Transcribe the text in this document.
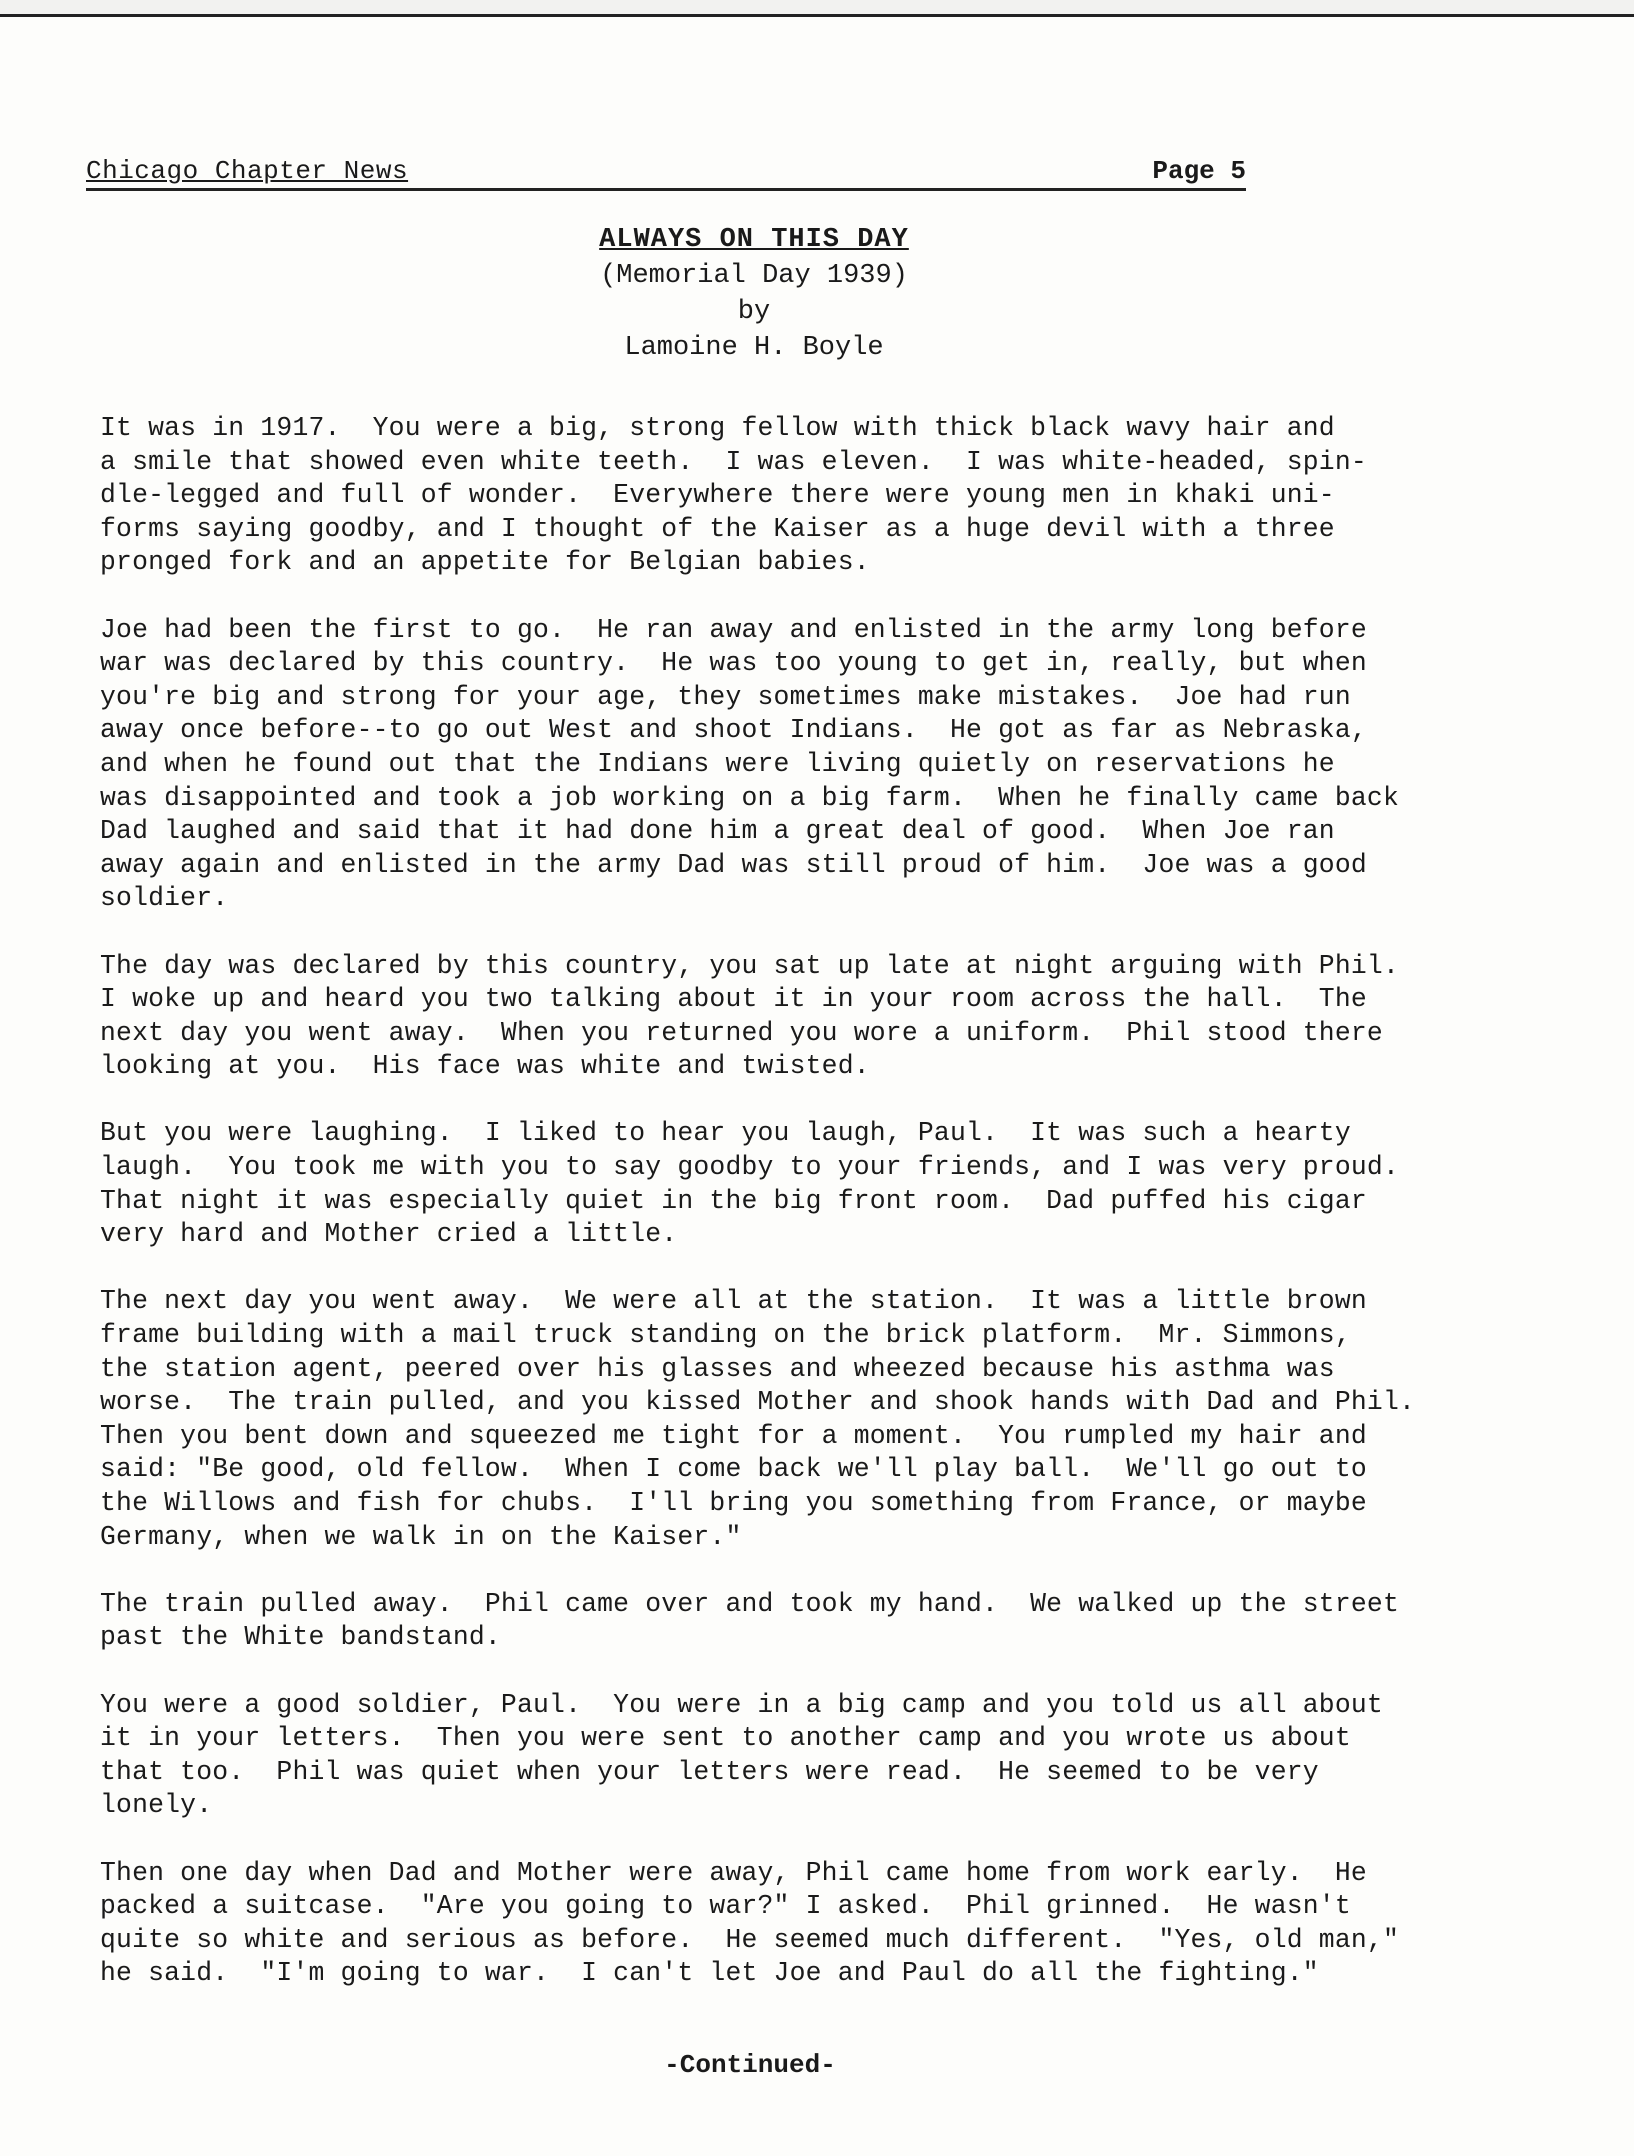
Chicago Chapter News	Page 5
ALWAYS ON THIS DAY
(Memorial Day 1939)
by
Lamoine H. Boyle
It was in 1917.  You were a big, strong fellow with thick black wavy hair and
a smile that showed even white teeth.  I was eleven.  I was white-headed, spin-
dle-legged and full of wonder.  Everywhere there were young men in khaki uni-
forms saying goodby, and I thought of the Kaiser as a huge devil with a three
pronged fork and an appetite for Belgian babies.
Joe had been the first to go.  He ran away and enlisted in the army long before
war was declared by this country.  He was too young to get in, really, but when
you're big and strong for your age, they sometimes make mistakes.  Joe had run
away once before--to go out West and shoot Indians.  He got as far as Nebraska,
and when he found out that the Indians were living quietly on reservations he
was disappointed and took a job working on a big farm.  When he finally came back
Dad laughed and said that it had done him a great deal of good.  When Joe ran
away again and enlisted in the army Dad was still proud of him.  Joe was a good
soldier.
The day was declared by this country, you sat up late at night arguing with Phil.
I woke up and heard you two talking about it in your room across the hall.  The
next day you went away.  When you returned you wore a uniform.  Phil stood there
looking at you.  His face was white and twisted.
But you were laughing.  I liked to hear you laugh, Paul.  It was such a hearty
laugh.  You took me with you to say goodby to your friends, and I was very proud.
That night it was especially quiet in the big front room.  Dad puffed his cigar
very hard and Mother cried a little.
The next day you went away.  We were all at the station.  It was a little brown
frame building with a mail truck standing on the brick platform.  Mr. Simmons,
the station agent, peered over his glasses and wheezed because his asthma was
worse.  The train pulled, and you kissed Mother and shook hands with Dad and Phil.
Then you bent down and squeezed me tight for a moment.  You rumpled my hair and
said: "Be good, old fellow.  When I come back we'll play ball.  We'll go out to
the Willows and fish for chubs.  I'll bring you something from France, or maybe
Germany, when we walk in on the Kaiser."
The train pulled away.  Phil came over and took my hand.  We walked up the street
past the White bandstand.
You were a good soldier, Paul.  You were in a big camp and you told us all about
it in your letters.  Then you were sent to another camp and you wrote us about
that too.  Phil was quiet when your letters were read.  He seemed to be very
lonely.
Then one day when Dad and Mother were away, Phil came home from work early.  He
packed a suitcase.  "Are you going to war?" I asked.  Phil grinned.  He wasn't
quite so white and serious as before.  He seemed much different.  "Yes, old man,"
he said.  "I'm going to war.  I can't let Joe and Paul do all the fighting."
-Continued-
